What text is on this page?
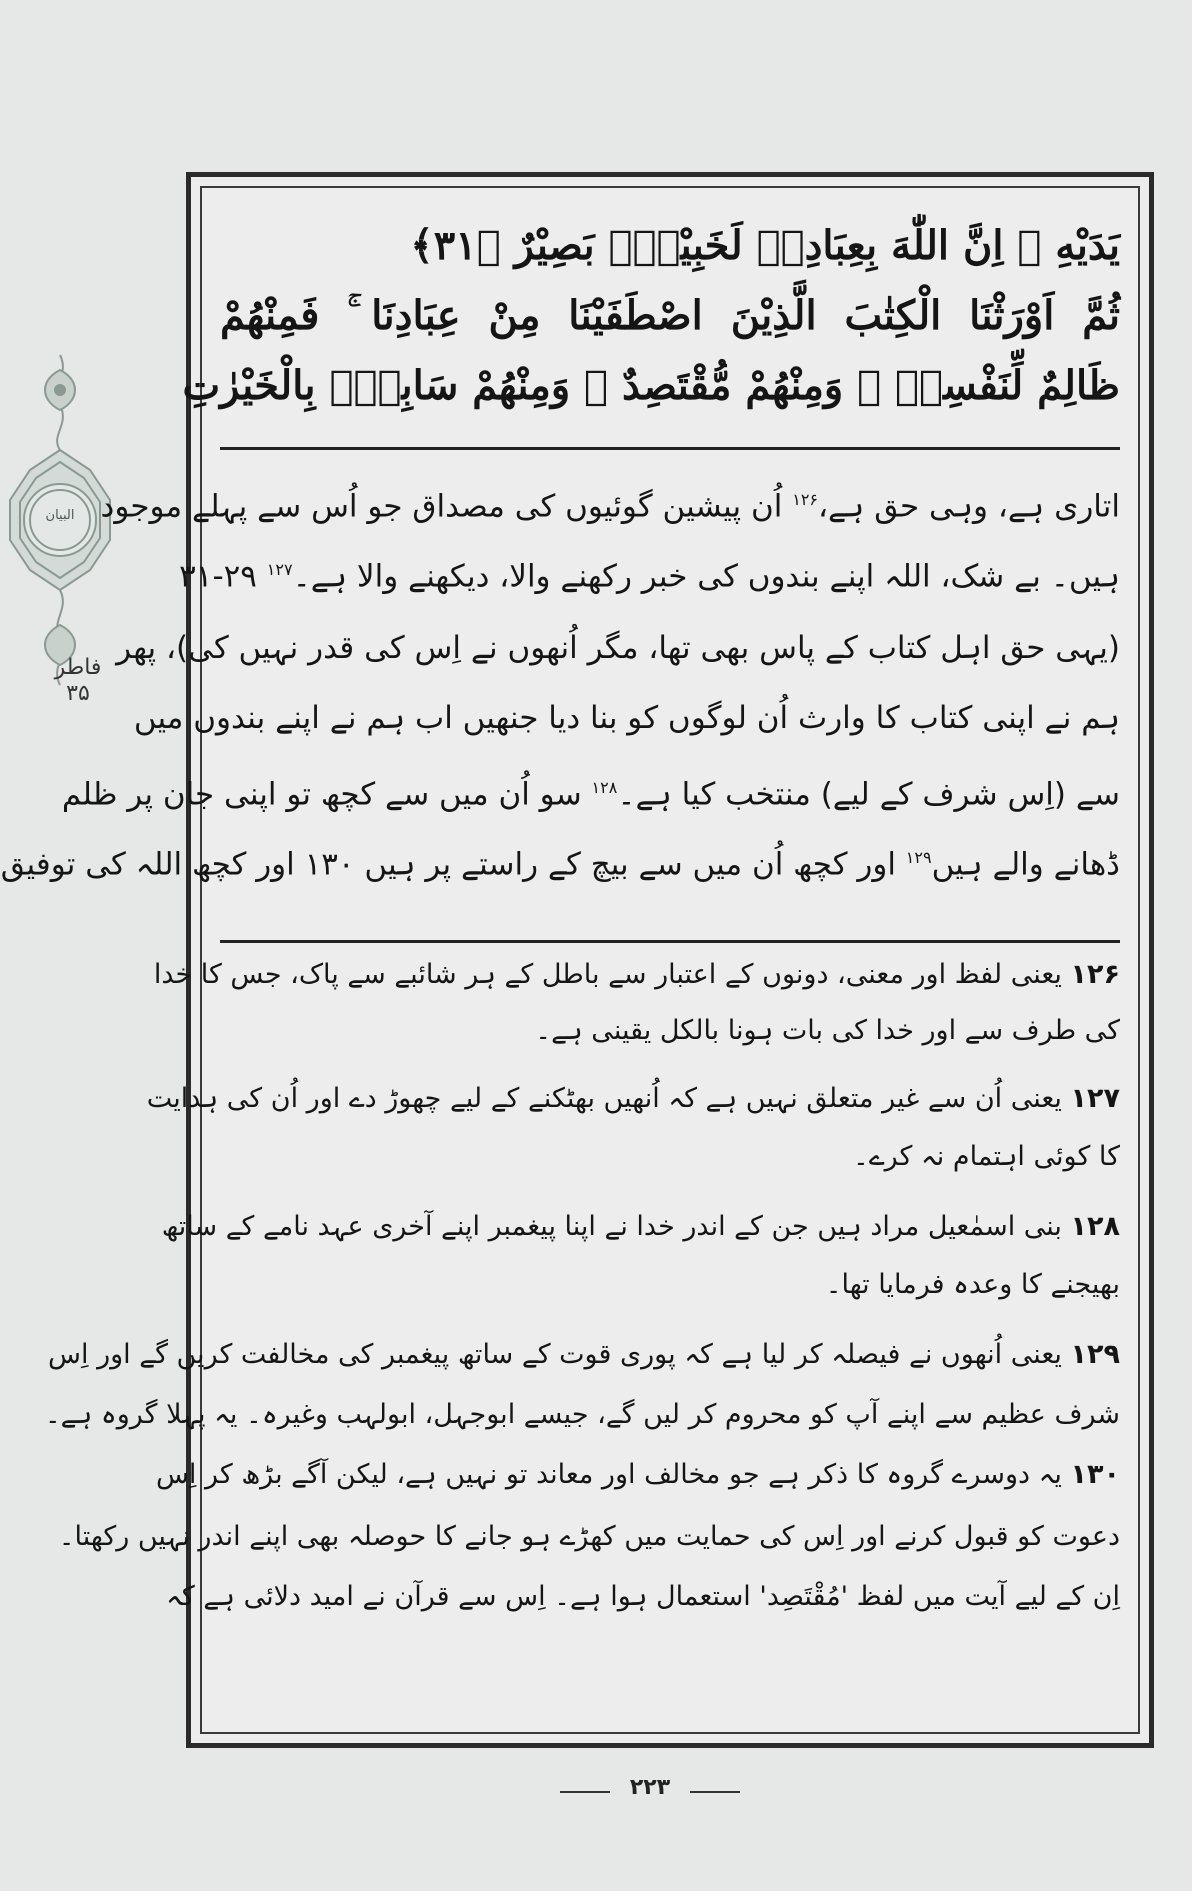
البیان
فاطر
۳۵
يَدَيْهِ ۭ اِنَّ اللّٰهَ بِعِبَادِهٖ لَخَبِيْرٌۢ بَصِيْرٌ ﴿۳۱﴾
ثُمَّ اَوْرَثْنَا الْكِتٰبَ الَّذِيْنَ اصْطَفَيْنَا مِنْ عِبَادِنَا ۚ فَمِنْهُمْ
ظَالِمٌ لِّنَفْسِهٖ ۚ وَمِنْهُمْ مُّقْتَصِدٌ ۚ وَمِنْهُمْ سَابِقٌۢ بِالْخَيْرٰتِ
اتاری ہے، وہی حق ہے،$^{۱۲۶}$ اُن پیشین گوئیوں کی مصداق جو اُس سے پہلے موجود
ہیں۔ بے شک، اللہ اپنے بندوں کی خبر رکھنے والا، دیکھنے والا ہے۔$^{۱۲۷}$ ۲۹-۳۱
(یہی حق اہل کتاب کے پاس بھی تھا، مگر اُنھوں نے اِس کی قدر نہیں کی)، پھر
ہم نے اپنی کتاب کا وارث اُن لوگوں کو بنا دیا جنھیں اب ہم نے اپنے بندوں میں
سے (اِس شرف کے لیے) منتخب کیا ہے۔$^{۱۲۸}$ سو اُن میں سے کچھ تو اپنی جان پر ظلم
ڈھانے والے ہیں$^{۱۲۹}$ اور کچھ اُن میں سے بیچ کے راستے پر ہیں ۱۳۰ اور کچھ اللہ کی توفیق
۱۲۶ یعنی لفظ اور معنی، دونوں کے اعتبار سے باطل کے ہر شائبے سے پاک، جس کا خدا
کی طرف سے اور خدا کی بات ہونا بالکل یقینی ہے۔
۱۲۷ یعنی اُن سے غیر متعلق نہیں ہے کہ اُنھیں بھٹکنے کے لیے چھوڑ دے اور اُن کی ہدایت
کا کوئی اہتمام نہ کرے۔
۱۲۸ بنی اسمٰعیل مراد ہیں جن کے اندر خدا نے اپنا پیغمبر اپنے آخری عہد نامے کے ساتھ
بھیجنے کا وعدہ فرمایا تھا۔
۱۲۹ یعنی اُنھوں نے فیصلہ کر لیا ہے کہ پوری قوت کے ساتھ پیغمبر کی مخالفت کریں گے اور اِس
شرف عظیم سے اپنے آپ کو محروم کر لیں گے، جیسے ابوجہل، ابولہب وغیرہ۔ یہ پہلا گروہ ہے۔
۱۳۰ یہ دوسرے گروہ کا ذکر ہے جو مخالف اور معاند تو نہیں ہے، لیکن آگے بڑھ کر اِس
دعوت کو قبول کرنے اور اِس کی حمایت میں کھڑے ہو جانے کا حوصلہ بھی اپنے اندر نہیں رکھتا۔
اِن کے لیے آیت میں لفظ 'مُقْتَصِد' استعمال ہوا ہے۔ اِس سے قرآن نے امید دلائی ہے کہ
۲۲۳
